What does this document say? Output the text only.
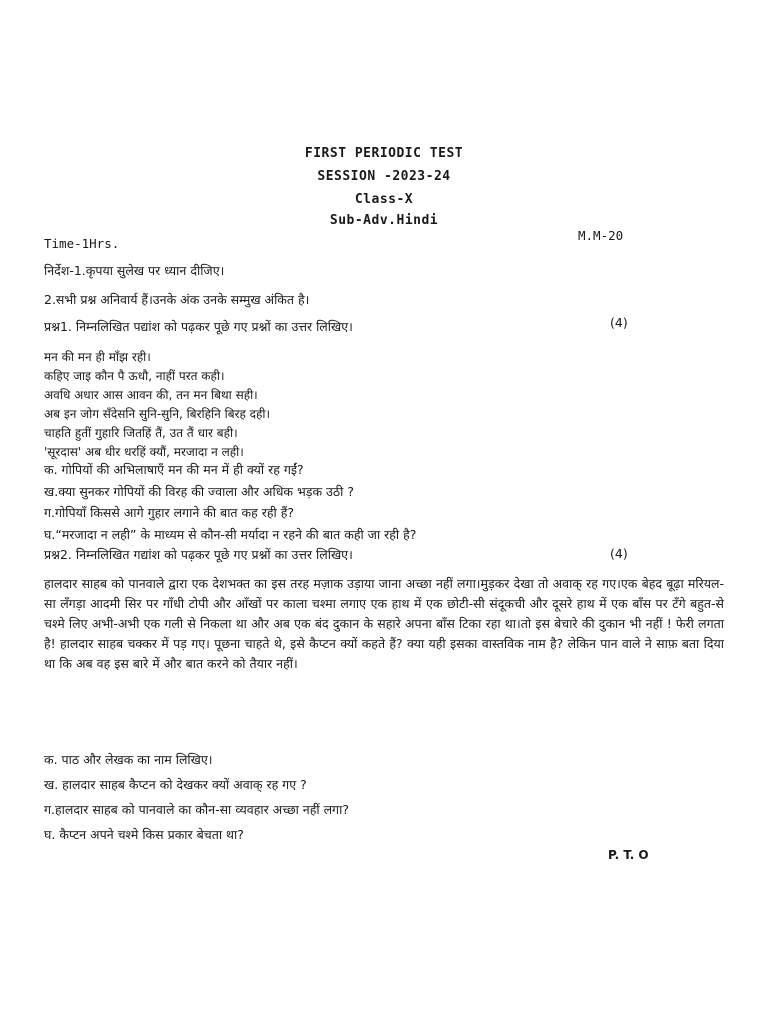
FIRST PERIODIC TEST
SESSION -2023-24
Class-X
Sub-Adv.Hindi
Time-1Hrs.
M.M-20
निर्देश-1.कृपया सुलेख पर ध्यान दीजिए।
2.सभी प्रश्न अनिवार्य हैं।उनके अंक उनके सम्मुख अंकित है।
प्रश्न1. निम्नलिखित पद्यांश को पढ़कर पूछे गए प्रश्नों का उत्तर लिखिए।	(4)
मन की मन ही माँझ रही।
कहिए जाइ कौन पै ऊधौ, नाहीं परत कही।
अवधि अधार आस आवन की, तन मन बिथा सही।
अब इन जोग सँदेसनि सुनि-सुनि, बिरहिनि बिरह दही।
चाहति हुतीं गुहारि जितहिं तैं, उत तैं धार बही।
'सूरदास' अब धीर धरहिं क्यौं, मरजादा न लही।
क. गोपियों की अभिलाषाएँ मन की मन में ही क्यों रह गईं?
ख.क्या सुनकर गोपियों की विरह की ज्वाला और अधिक भड़क उठी ?
ग.गोपियाँ किससे आगे गुहार लगाने की बात कह रही हैं?
घ.“मरजादा न लही” के माध्यम से कौन-सी मर्यादा न रहने की बात कही जा रही है?
प्रश्न2. निम्नलिखित गद्यांश को पढ़कर पूछे गए प्रश्नों का उत्तर लिखिए।	(4)

हालदार साहब को पानवाले द्वारा एक देशभक्त का इस तरह मज़ाक उड़ाया जाना अच्छा नहीं लगा।मुड़कर देखा तो अवाक् रह गए।एक बेहद बूढ़ा मरियल-सा लँगड़ा आदमी सिर पर गाँधी टोपी और आँखों पर काला चश्मा लगाए एक हाथ में एक छोटी-सी संदूकची और दूसरे हाथ में एक बाँस पर टँगे बहुत-से चश्मे लिए अभी-अभी एक गली से निकला था और अब एक बंद दुकान के सहारे अपना बाँस टिका रहा था।तो इस बेचारे की दुकान भी नहीं ! फेरी लगता है! हालदार साहब चक्कर में पड़ गए। पूछना चाहते थे, इसे कैप्टन क्यों कहते हैं? क्या यही इसका वास्तविक नाम है? लेकिन पान वाले ने साफ़ बता दिया था कि अब वह इस बारे में और बात करने को तैयार नहीं।

क. पाठ और लेखक का नाम लिखिए।
ख. हालदार साहब कैप्टन को देखकर क्यों अवाक् रह गए ?
ग.हालदार साहब को पानवाले का कौन-सा व्यवहार अच्छा नहीं लगा?
घ. कैप्टन अपने चश्मे किस प्रकार बेचता था?
P. T. O
